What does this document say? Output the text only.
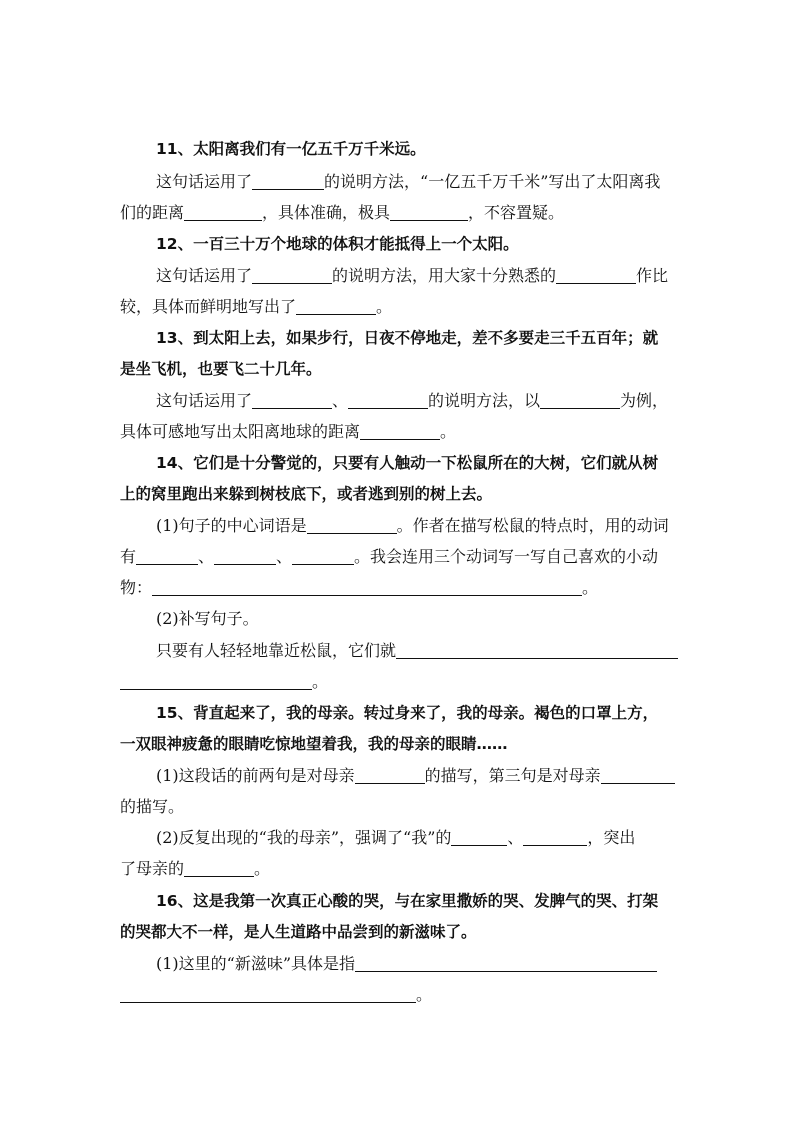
11、太阳离我们有一亿五千万千米远。
这句话运用了	的说明方法，“一亿五千万千米”写出了太阳离我
们的距离	，具体准确，极具	，不容置疑。
12、一百三十万个地球的体积才能抵得上一个太阳。
这句话运用了	的说明方法，用大家十分熟悉的	作比
较，具体而鲜明地写出了	。
13、到太阳上去，如果步行，日夜不停地走，差不多要走三千五百年；就
是坐飞机，也要飞二十几年。
这句话运用了	、	的说明方法，以	为例，
具体可感地写出太阳离地球的距离	。
14、它们是十分警觉的，只要有人触动一下松鼠所在的大树，它们就从树
上的窝里跑出来躲到树枝底下，或者逃到别的树上去。
(1)句子的中心词语是	。作者在描写松鼠的特点时，用的动词
有	、	、	。我会连用三个动词写一写自己喜欢的小动
物：	。
(2)补写句子。
只要有人轻轻地靠近松鼠，它们就
。
15、背直起来了，我的母亲。转过身来了，我的母亲。褐色的口罩上方，
一双眼神疲惫的眼睛吃惊地望着我，我的母亲的眼睛……
(1)这段话的前两句是对母亲	的描写，第三句是对母亲
的描写。
(2)反复出现的“我的母亲”，强调了“我”的	、	，突出
了母亲的	。
16、这是我第一次真正心酸的哭，与在家里撒娇的哭、发脾气的哭、打架
的哭都大不一样，是人生道路中品尝到的新滋味了。
(1)这里的“新滋味”具体是指
。
